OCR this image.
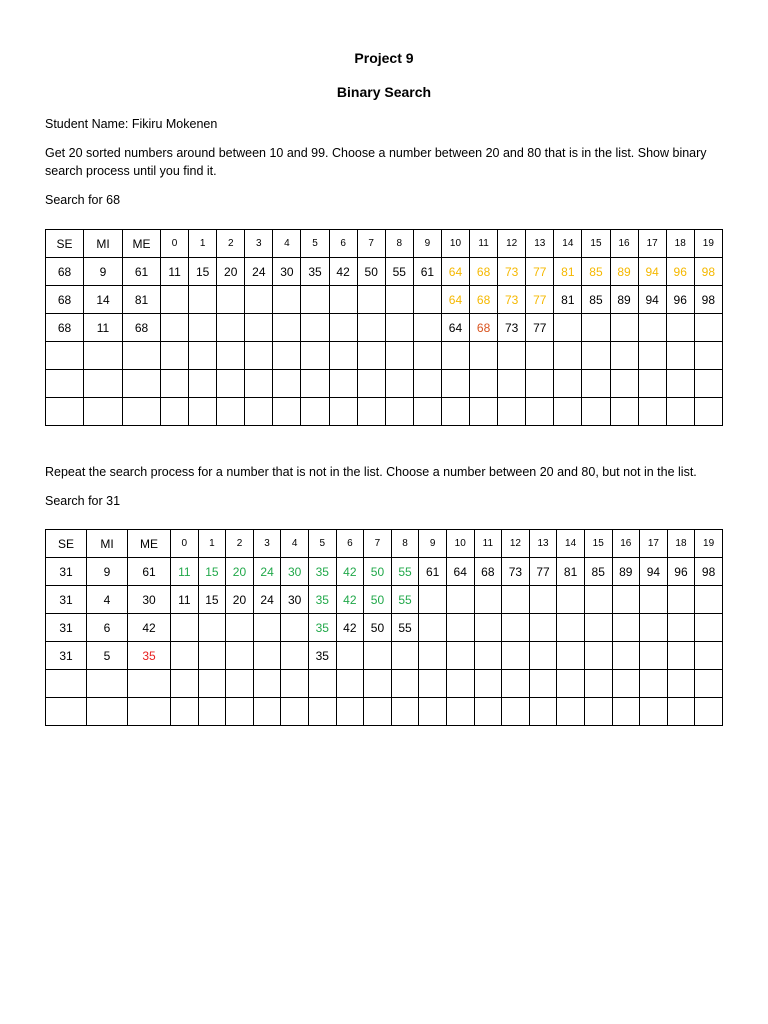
Project 9
Binary Search
Student Name: Fikiru Mokenen
Get 20 sorted numbers around between 10 and 99. Choose a number between 20 and 80 that is in the list. Show binary
search process until you find it.
Search for 68
SE	MI	ME	0	1	2	3	4	5	6	7	8	9	10	11	12	13	14	15	16	17	18	19
68	9	61	11	15	20	24	30	35	42	50	55	61	64	68	73	77	81	85	89	94	96	98
68	14	81											64	68	73	77	81	85	89	94	96	98
68	11	68											64	68	73	77						

Repeat the search process for a number that is not in the list. Choose a number between 20 and 80, but not in the list.
Search for 31
SE	MI	ME	0	1	2	3	4	5	6	7	8	9	10	11	12	13	14	15	16	17	18	19
31	9	61	11	15	20	24	30	35	42	50	55	61	64	68	73	77	81	85	89	94	96	98
31	4	30	11	15	20	24	30	35	42	50	55											
31	6	42						35	42	50	55											
31	5	35						35														
